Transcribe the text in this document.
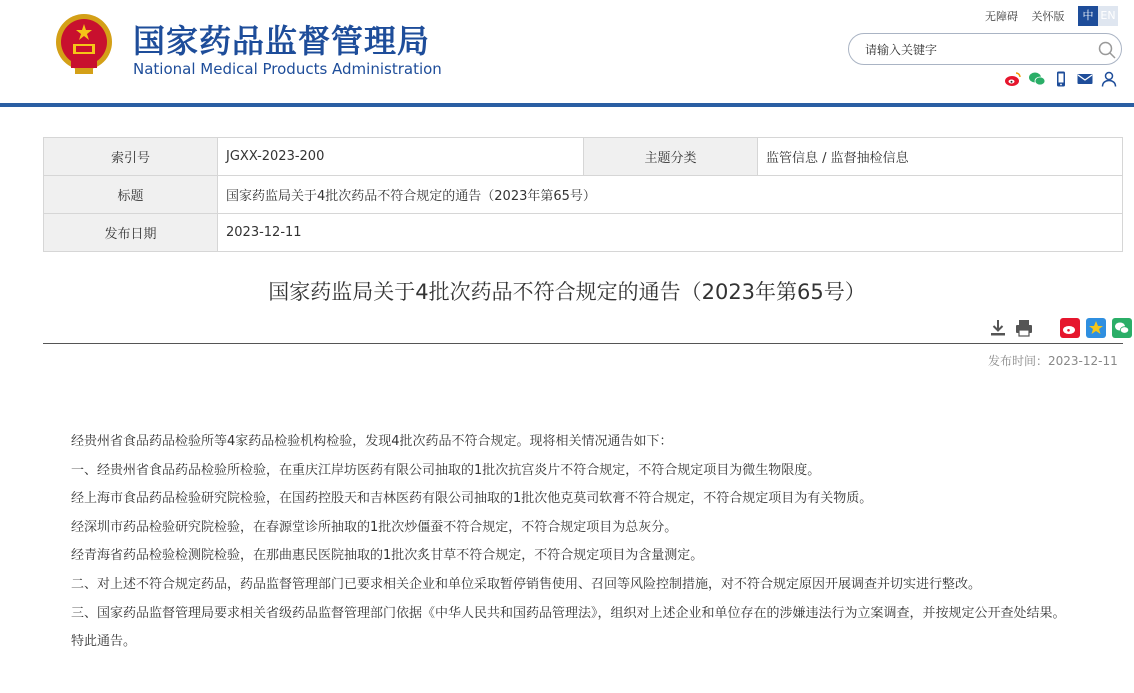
国家药品监督管理局
National Medical Products Administration
无障碍 关怀版	中 EN
请输入关键字
索引号	JGXX-2023-200	主题分类	监管信息 / 监督抽检信息
标题	国家药监局关于4批次药品不符合规定的通告（2023年第65号）		
发布日期	2023-12-11		
国家药监局关于4批次药品不符合规定的通告（2023年第65号）
发布时间：2023-12-11

经贵州省食品药品检验所等4家药品检验机构检验，发现4批次药品不符合规定。现将相关情况通告如下：

一、经贵州省食品药品检验所检验，在重庆江岸坊医药有限公司抽取的1批次抗宫炎片不符合规定，不符合规定项目为微生物限度。

经上海市食品药品检验研究院检验，在国药控股天和吉林医药有限公司抽取的1批次他克莫司软膏不符合规定，不符合规定项目为有关物质。

经深圳市药品检验研究院检验，在春源堂诊所抽取的1批次炒僵蚕不符合规定，不符合规定项目为总灰分。

经青海省药品检验检测院检验，在那曲惠民医院抽取的1批次炙甘草不符合规定，不符合规定项目为含量测定。

二、对上述不符合规定药品，药品监督管理部门已要求相关企业和单位采取暂停销售使用、召回等风险控制措施，对不符合规定原因开展调查并切实进行整改。

三、国家药品监督管理局要求相关省级药品监督管理部门依据《中华人民共和国药品管理法》，组织对上述企业和单位存在的涉嫌违法行为立案调查，并按规定公开查处结果。

特此通告。
